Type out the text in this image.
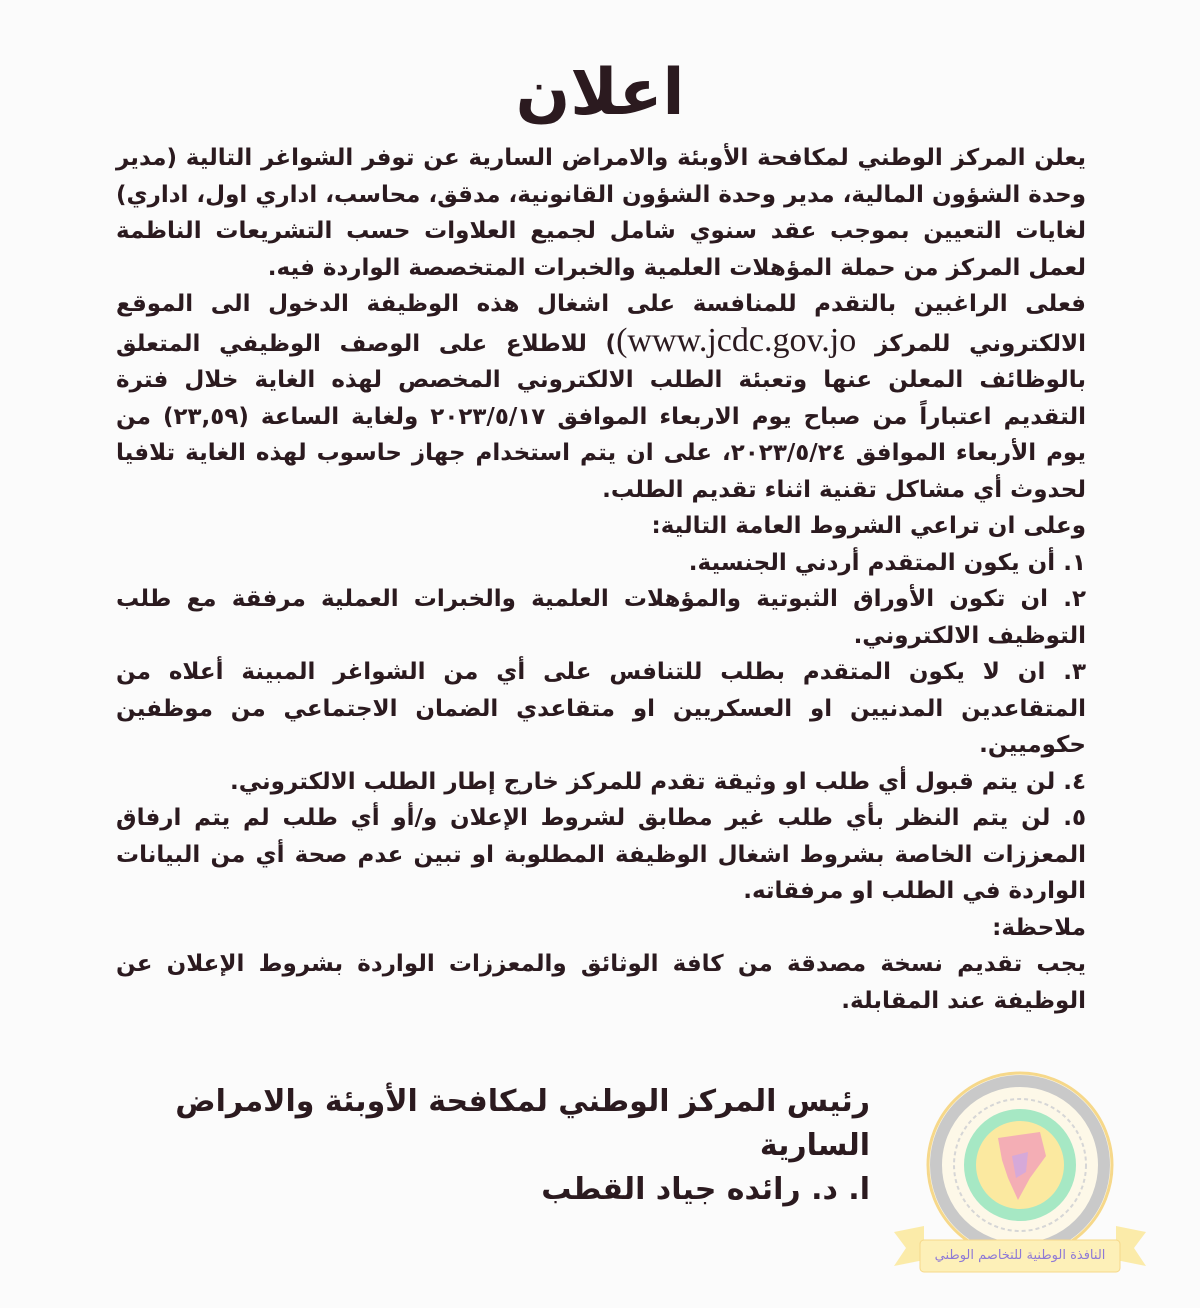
اعلان

يعلن المركز الوطني لمكافحة الأوبئة والامراض السارية عن توفر الشواغر التالية (مدير وحدة الشؤون المالية، مدير وحدة الشؤون القانونية، مدقق، محاسب، اداري اول، اداري) لغايات التعيين بموجب عقد سنوي شامل لجميع العلاوات حسب التشريعات الناظمة لعمل المركز من حملة المؤهلات العلمية والخبرات المتخصصة الواردة فيه.

فعلى الراغبين بالتقدم للمنافسة على اشغال هذه الوظيفة الدخول الى الموقع الالكتروني للمركز (www.jcdc.gov.jo) للاطلاع على الوصف الوظيفي المتعلق بالوظائف المعلن عنها وتعبئة الطلب الالكتروني المخصص لهذه الغاية خلال فترة التقديم اعتباراً من صباح يوم الاربعاء الموافق ٢٠٢٣/٥/١٧ ولغاية الساعة (٢٣,٥٩) من يوم الأربعاء الموافق ٢٠٢٣/٥/٢٤، على ان يتم استخدام جهاز حاسوب لهذه الغاية تلافيا لحدوث أي مشاكل تقنية اثناء تقديم الطلب.

وعلى ان تراعي الشروط العامة التالية:

١. أن يكون المتقدم أردني الجنسية.

٢. ان تكون الأوراق الثبوتية والمؤهلات العلمية والخبرات العملية مرفقة مع طلب التوظيف الالكتروني.

٣. ان لا يكون المتقدم بطلب للتنافس على أي من الشواغر المبينة أعلاه من المتقاعدين المدنيين او العسكريين او متقاعدي الضمان الاجتماعي من موظفين حكوميين.

٤. لن يتم قبول أي طلب او وثيقة تقدم للمركز خارج إطار الطلب الالكتروني.

٥. لن يتم النظر بأي طلب غير مطابق لشروط الإعلان و/أو أي طلب لم يتم ارفاق المعززات الخاصة بشروط اشغال الوظيفة المطلوبة او تبين عدم صحة أي من البيانات الواردة في الطلب او مرفقاته.

ملاحظة:

يجب تقديم نسخة مصدقة من كافة الوثائق والمعززات الواردة بشروط الإعلان عن الوظيفة عند المقابلة.

رئيس المركز الوطني لمكافحة الأوبئة والامراض السارية

ا. د. رائده جياد القطب

النافذة الوطنية للتخاصم الوطني
